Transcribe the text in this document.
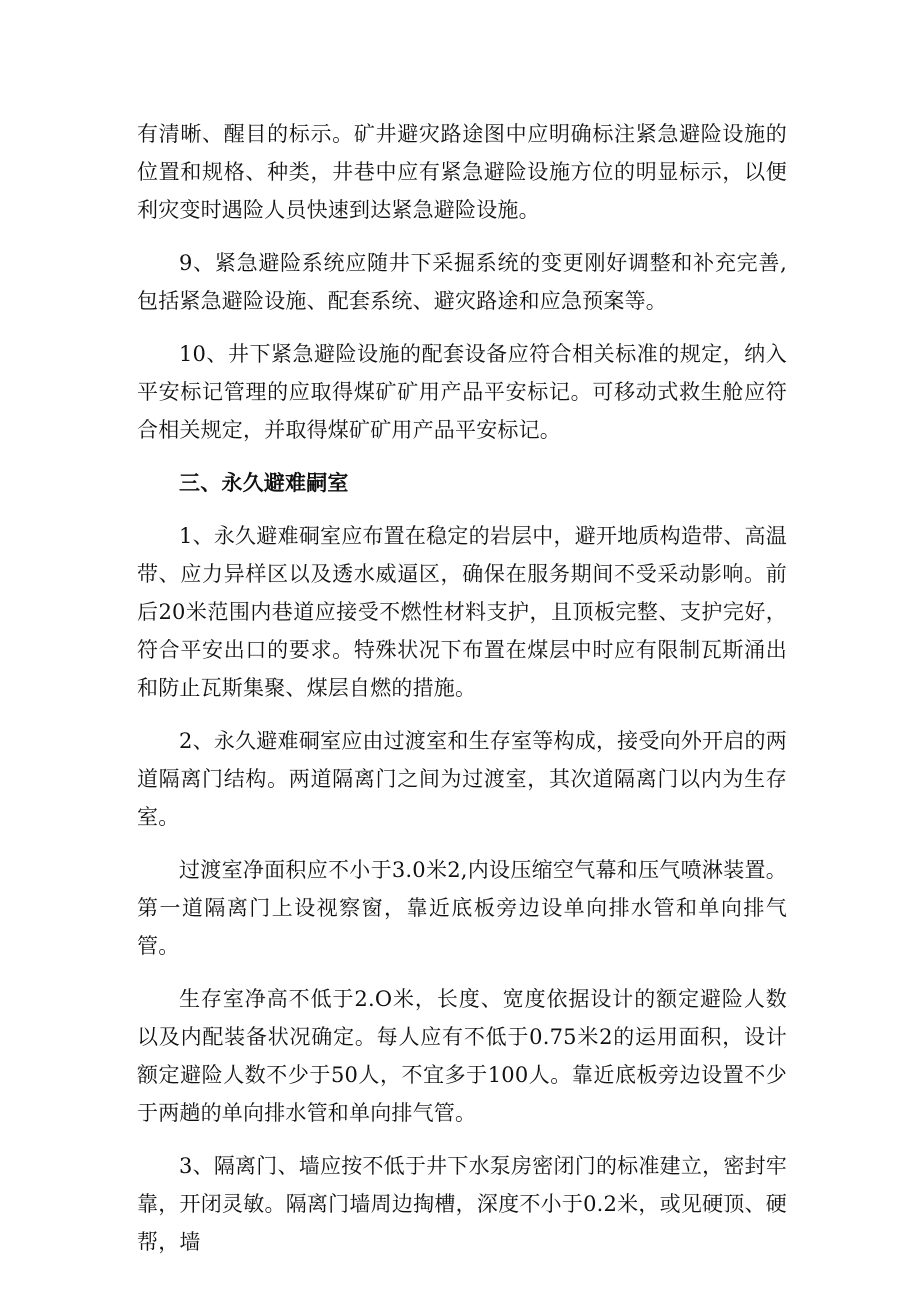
有清晰、醒目的标示。矿井避灾路途图中应明确标注紧急避险设施的位置和规格、种类，井巷中应有紧急避险设施方位的明显标示，以便利灾变时遇险人员快速到达紧急避险设施。

9、紧急避险系统应随井下采掘系统的变更刚好调整和补充完善,包括紧急避险设施、配套系统、避灾路途和应急预案等。

10、井下紧急避险设施的配套设备应符合相关标准的规定，纳入平安标记管理的应取得煤矿矿用产品平安标记。可移动式救生舱应符合相关规定，并取得煤矿矿用产品平安标记。

三、永久避难嗣室

1、永久避难硐室应布置在稳定的岩层中，避开地质构造带、高温带、应力异样区以及透水威逼区，确保在服务期间不受采动影响。前后20米范围内巷道应接受不燃性材料支护，且顶板完整、支护完好，符合平安出口的要求。特殊状况下布置在煤层中时应有限制瓦斯涌出和防止瓦斯集聚、煤层自燃的措施。

2、永久避难硐室应由过渡室和生存室等构成，接受向外开启的两道隔离门结构。两道隔离门之间为过渡室，其次道隔离门以内为生存室。

过渡室净面积应不小于3.0米2,内设压缩空气幕和压气喷淋装置。第一道隔离门上设视察窗，靠近底板旁边设单向排水管和单向排气管。

生存室净高不低于2.O米，长度、宽度依据设计的额定避险人数以及内配装备状况确定。每人应有不低于0.75米2的运用面积，设计额定避险人数不少于50人，不宜多于100人。靠近底板旁边设置不少于两趟的单向排水管和单向排气管。

3、隔离门、墙应按不低于井下水泵房密闭门的标准建立，密封牢靠，开闭灵敏。隔离门墙周边掏槽，深度不小于0.2米，或见硬顶、硬帮，墙
